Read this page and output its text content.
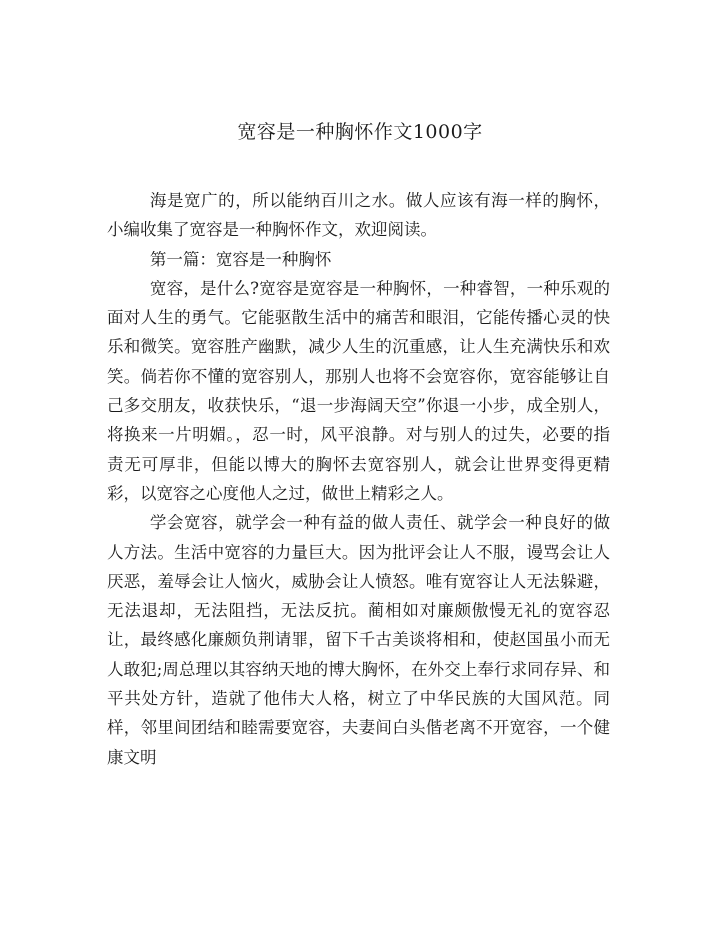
宽容是一种胸怀作文1000字

海是宽广的，所以能纳百川之水。做人应该有海一样的胸怀，小编收集了宽容是一种胸怀作文，欢迎阅读。

第一篇：宽容是一种胸怀

宽容，是什么?宽容是宽容是一种胸怀，一种睿智，一种乐观的面对人生的勇气。它能驱散生活中的痛苦和眼泪，它能传播心灵的快乐和微笑。宽容胜产幽默，减少人生的沉重感，让人生充满快乐和欢笑。倘若你不懂的宽容别人，那别人也将不会宽容你，宽容能够让自己多交朋友，收获快乐，“退一步海阔天空”你退一小步，成全别人，将换来一片明媚。，忍一时，风平浪静。对与别人的过失，必要的指责无可厚非，但能以博大的胸怀去宽容别人，就会让世界变得更精彩，以宽容之心度他人之过，做世上精彩之人。

学会宽容，就学会一种有益的做人责任、就学会一种良好的做人方法。生活中宽容的力量巨大。因为批评会让人不服，谩骂会让人厌恶，羞辱会让人恼火，威胁会让人愤怒。唯有宽容让人无法躲避，无法退却，无法阻挡，无法反抗。蔺相如对廉颇傲慢无礼的宽容忍让，最终感化廉颇负荆请罪，留下千古美谈将相和，使赵国虽小而无人敢犯;周总理以其容纳天地的博大胸怀，在外交上奉行求同存异、和平共处方针，造就了他伟大人格，树立了中华民族的大国风范。同样，邻里间团结和睦需要宽容，夫妻间白头偕老离不开宽容，一个健康文明
